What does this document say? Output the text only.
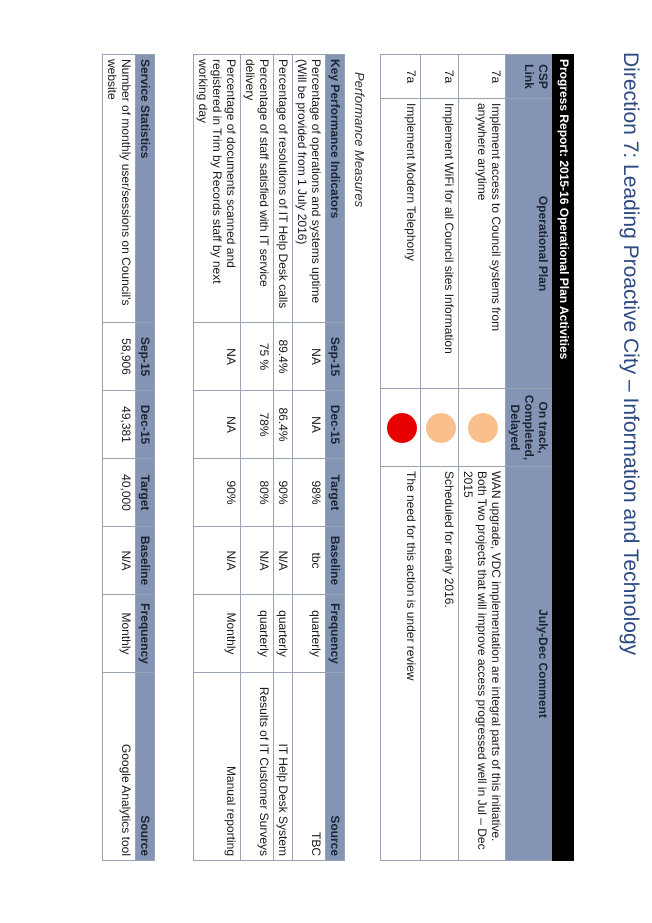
Direction 7: Leading Proactive City – Information and Technology
Progress Report: 2015-16 Operational Plan Activities			
CSP Link	Operational Plan	On track, Completed, Delayed	July-Dec Comment
7a	Implement access to Council systems from anywhere anytime		WAN upgrade, VDC implementation are integral parts of this initiative. Both Two projects that will improve access progressed well in Jul – Dec 2015
7a	Implement WiFi for all Council sites Information		Scheduled for early 2016.
7a	Implement Modern Telephony		The need for this action is under review
Performance Measures
Key Performance Indicators	Sep-15	Dec-15	Target	Baseline	Frequency	Source
Percentage of operations and systems uptime (Will be provided from 1 July 2016)	NA	NA	98%	tbc	quarterly	TBC
Percentage of resolutions of IT Help Desk calls	89.4%	86.4%	90%	N/A	quarterly	IT Help Desk System
Percentage of staff satisfied with IT service delivery	75 %	78%	80%	N/A	quarterly	Results of IT Customer Surveys
Percentage of documents scanned and registered in Trim by Records staff by next working day	NA	NA	90%	N/A	Monthly	Manual reporting
Service Statistics	Sep-15	Dec-15	Target	Baseline	Frequency	Source
Number of monthly user/sessions on Council’s website	58,906	49,381	40,000	N/A	Monthly	Google Analytics tool
